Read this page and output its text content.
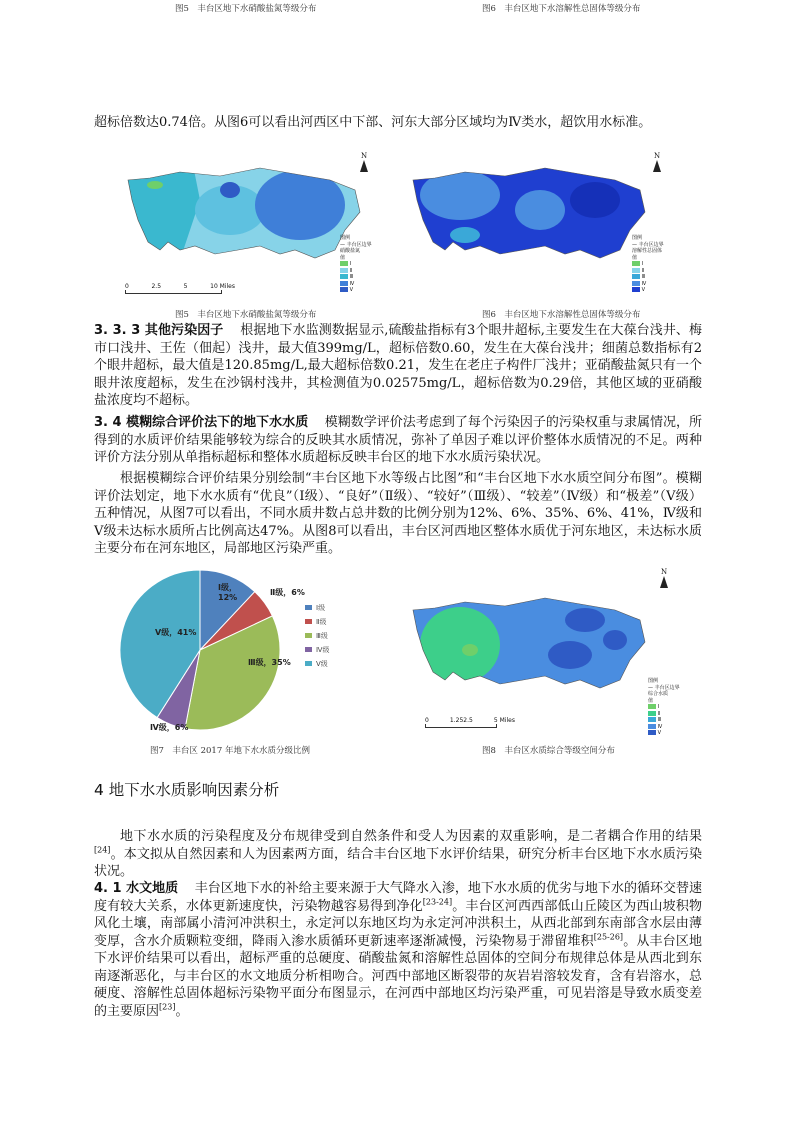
图5　丰台区地下水硝酸盐氮等级分布	图6　丰台区地下水溶解性总固体等级分布
超标倍数达0.74倍。从图6可以看出河西区中下部、河东大部分区域均为Ⅳ类水，超饮用水标准。
N
图例
— 丰台区边界
硝酸盐氮
值
Ⅰ
Ⅱ
Ⅲ
Ⅳ
Ⅴ
0	2.5	5	10 Miles
图5　丰台区地下水硝酸盐氮等级分布
N
图例
— 丰台区边界
溶解性总固体
值
Ⅰ
Ⅱ
Ⅲ
Ⅳ
Ⅴ
图6　丰台区地下水溶解性总固体等级分布
3. 3. 3 其他污染因子 根据地下水监测数据显示,硫酸盐指标有3个眼井超标,主要发生在大葆台浅井、梅市口浅井、王佐（佃起）浅井，最大值399mg/L，超标倍数0.60，发生在大葆台浅井；细菌总数指标有2个眼井超标，最大值是120.85mg/L,最大超标倍数0.21，发生在老庄子构件厂浅井；亚硝酸盐氮只有一个眼井浓度超标，发生在沙锅村浅井，其检测值为0.02575mg/L，超标倍数为0.29倍，其他区域的亚硝酸盐浓度均不超标。
3. 4 模糊综合评价法下的地下水水质 模糊数学评价法考虑到了每个污染因子的污染权重与隶属情况，所得到的水质评价结果能够较为综合的反映其水质情况，弥补了单因子难以评价整体水质情况的不足。两种评价方法分别从单指标超标和整体水质超标反映丰台区的地下水水质污染状况。
根据模糊综合评价结果分别绘制“丰台区地下水等级占比图”和“丰台区地下水水质空间分布图”。模糊评价法划定，地下水水质有“优良”（Ⅰ级）、“良好”（Ⅱ级）、“较好”（Ⅲ级）、“较差”（Ⅳ级）和“极差”（Ⅴ级）五种情况，从图7可以看出，不同水质井数占总井数的比例分别为12%、6%、35%、6%、41%，Ⅳ级和Ⅴ级未达标水质所占比例高达47%。从图8可以看出，丰台区河西地区整体水质优于河东地区，未达标水质主要分布在河东地区，局部地区污染严重。
Ⅰ级， 12%
Ⅱ级，6%
Ⅲ级，35%
Ⅳ级，6%
Ⅴ级，41%
Ⅰ级
Ⅱ级
Ⅲ级
Ⅳ级
Ⅴ级
图7　丰台区 2017 年地下水水质分级比例
N
图例
— 丰台区边界
综合水质
值
Ⅰ
Ⅱ
Ⅲ
Ⅳ
Ⅴ
0	1.252.5	5 Miles
图8　丰台区水质综合等级空间分布
4 地下水水质影响因素分析
地下水水质的污染程度及分布规律受到自然条件和受人为因素的双重影响，是二者耦合作用的结果[24]。本文拟从自然因素和人为因素两方面，结合丰台区地下水评价结果，研究分析丰台区地下水水质污染状况。
4. 1 水文地质 丰台区地下水的补给主要来源于大气降水入渗，地下水水质的优劣与地下水的循环交替速度有较大关系，水体更新速度快，污染物越容易得到净化[23-24]。丰台区河西西部低山丘陵区为西山坡积物风化土壤，南部属小清河冲洪积土，永定河以东地区均为永定河冲洪积土，从西北部到东南部含水层由薄变厚，含水介质颗粒变细，降雨入渗水质循环更新速率逐渐减慢，污染物易于滞留堆积[25-26]。从丰台区地下水评价结果可以看出，超标严重的总硬度、硝酸盐氮和溶解性总固体的空间分布规律总体是从西北到东南逐渐恶化，与丰台区的水文地质分析相吻合。河西中部地区断裂带的灰岩岩溶较发育，含有岩溶水，总硬度、溶解性总固体超标污染物平面分布图显示，在河西中部地区均污染严重，可见岩溶是导致水质变差的主要原因[23]。
